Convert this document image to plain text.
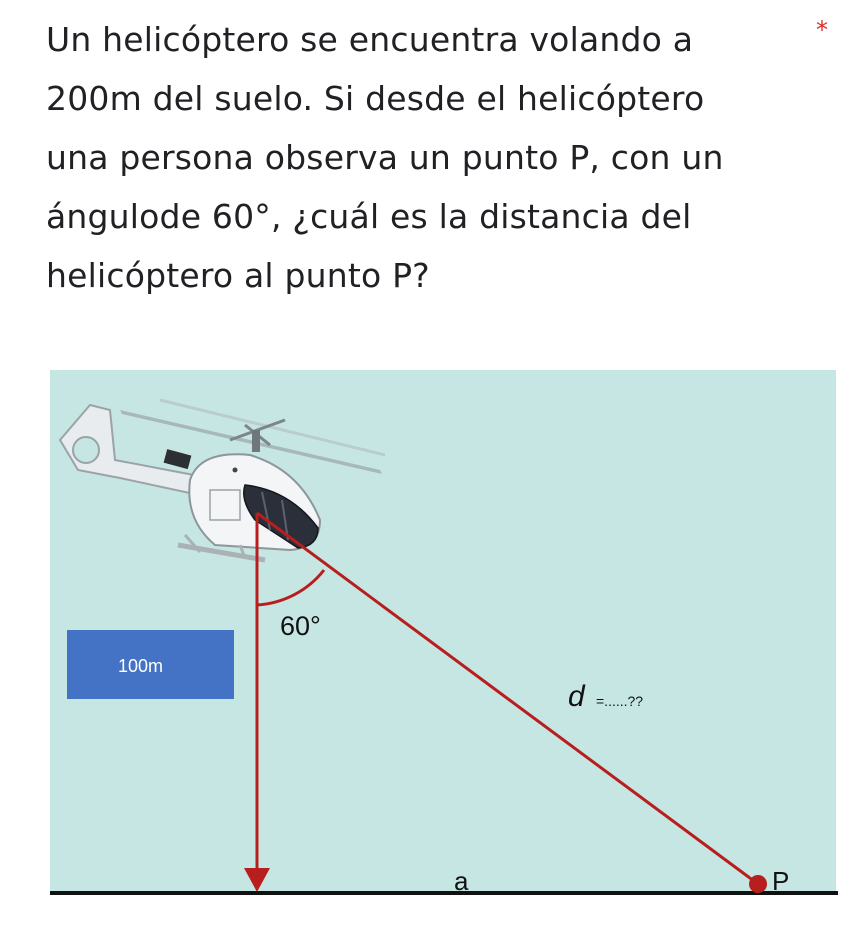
Un helicóptero se encuentra volando a
200m del suelo. Si desde el helicóptero
una persona observa un punto P, con un
ángulode 60°, ¿cuál es la distancia del
helicóptero al punto P?
*
60°
100m
d =......??
a	P
